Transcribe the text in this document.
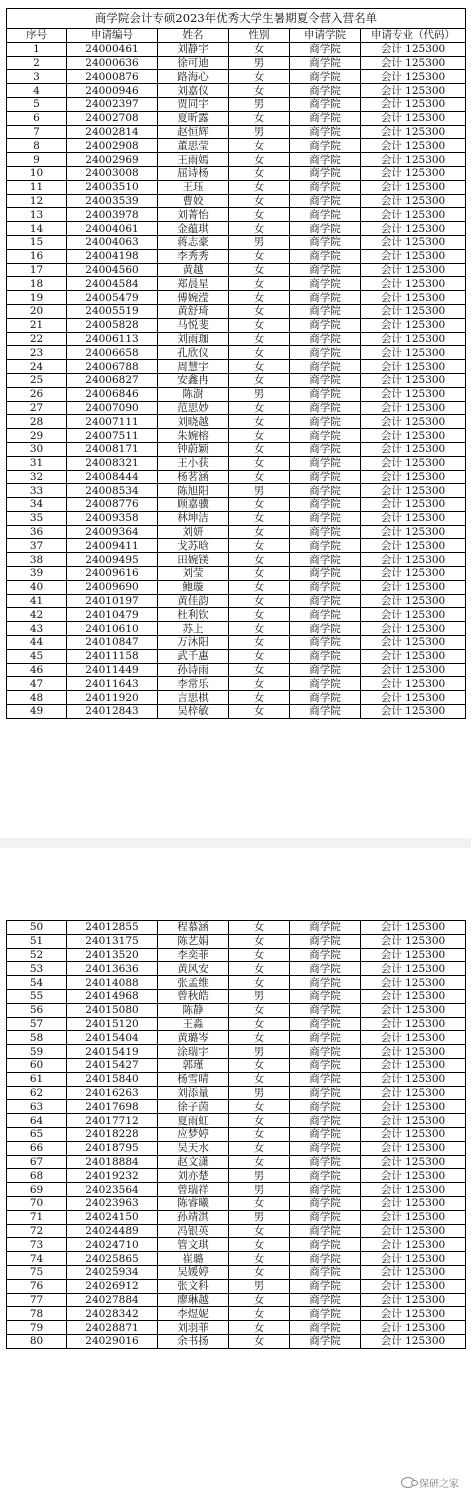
商学院会计专硕2023年优秀大学生暑期夏令营入营名单					
序号	申请编号	姓名	性别	申请学院	申请专业（代码）
1	24000461	刘静宇	女	商学院	会计 125300
2	24000636	徐可迪	男	商学院	会计 125300
3	24000876	路海心	女	商学院	会计 125300
4	24000946	刘嘉仪	女	商学院	会计 125300
5	24002397	贾同宇	男	商学院	会计 125300
6	24002708	夏昕露	女	商学院	会计 125300
7	24002814	赵恒辉	男	商学院	会计 125300
8	24002908	董思莹	女	商学院	会计 125300
9	24002969	王雨嫣	女	商学院	会计 125300
10	24003008	屈诗杨	女	商学院	会计 125300
11	24003510	王珏	女	商学院	会计 125300
12	24003539	曹姣	女	商学院	会计 125300
13	24003978	刘菁怡	女	商学院	会计 125300
14	24004061	金蕴琪	女	商学院	会计 125300
15	24004063	蒋志豪	男	商学院	会计 125300
16	24004198	李秀秀	女	商学院	会计 125300
17	24004560	黄越	女	商学院	会计 125300
18	24004584	郑晨星	女	商学院	会计 125300
19	24005479	傅婉滢	女	商学院	会计 125300
20	24005519	黄舒琦	女	商学院	会计 125300
21	24005828	马悦斐	女	商学院	会计 125300
22	24006113	刘雨珈	女	商学院	会计 125300
23	24006658	孔欣仪	女	商学院	会计 125300
24	24006788	周慧宇	女	商学院	会计 125300
25	24006827	安鑫冉	女	商学院	会计 125300
26	24006846	陈澍	男	商学院	会计 125300
27	24007090	范思妙	女	商学院	会计 125300
28	24007111	刘晓越	女	商学院	会计 125300
29	24007511	朱婉榕	女	商学院	会计 125300
30	24008171	钟蔚颖	女	商学院	会计 125300
31	24008321	王小获	女	商学院	会计 125300
32	24008444	杨茗涵	女	商学院	会计 125300
33	24008534	陈旭阳	男	商学院	会计 125300
34	24008776	顾嘉骥	女	商学院	会计 125300
35	24009358	林坤洁	女	商学院	会计 125300
36	24009364	刘妍	女	商学院	会计 125300
37	24009411	戈苏晗	女	商学院	会计 125300
38	24009495	田婉镁	女	商学院	会计 125300
39	24009616	刘莹	女	商学院	会计 125300
40	24009690	鲍璇	女	商学院	会计 125300
41	24010197	黄佳韵	女	商学院	会计 125300
42	24010479	杜利钦	女	商学院	会计 125300
43	24010610	苏上	女	商学院	会计 125300
44	24010847	万沐阳	女	商学院	会计 125300
45	24011158	武千惠	女	商学院	会计 125300
46	24011449	孙诗雨	女	商学院	会计 125300
47	24011643	李常乐	女	商学院	会计 125300
48	24011920	言思棋	女	商学院	会计 125300
49	24012843	吴梓敏	女	商学院	会计 125300
50	24012855	程慕涵	女	商学院	会计 125300
51	24013175	陈艺娟	女	商学院	会计 125300
52	24013520	李奕菲	女	商学院	会计 125300
53	24013636	黄风安	女	商学院	会计 125300
54	24014088	张孟维	女	商学院	会计 125300
55	24014968	曾秋皓	男	商学院	会计 125300
56	24015080	陈静	女	商学院	会计 125300
57	24015120	王淼	女	商学院	会计 125300
58	24015404	黄璐岑	女	商学院	会计 125300
59	24015419	涂瑞宇	男	商学院	会计 125300
60	24015427	郭瑾	女	商学院	会计 125300
61	24015840	杨雪晴	女	商学院	会计 125300
62	24016263	刘添量	男	商学院	会计 125300
63	24017698	徐子茵	女	商学院	会计 125300
64	24017712	夏雨虹	女	商学院	会计 125300
65	24018228	应梦婷	女	商学院	会计 125300
66	24018795	吴天水	女	商学院	会计 125300
67	24018884	赵文潇	女	商学院	会计 125300
68	24019232	刘亦楚	男	商学院	会计 125300
69	24023564	曾瑞祥	男	商学院	会计 125300
70	24023963	陈睿曦	女	商学院	会计 125300
71	24024150	孙靖淇	男	商学院	会计 125300
72	24024489	冯银英	女	商学院	会计 125300
73	24024710	管文琪	女	商学院	会计 125300
74	24025865	崔璐	女	商学院	会计 125300
75	24025934	吴媛婷	女	商学院	会计 125300
76	24026912	张文科	男	商学院	会计 125300
77	24027884	廖琳越	女	商学院	会计 125300
78	24028342	李煜妮	女	商学院	会计 125300
79	24028871	刘羽菲	女	商学院	会计 125300
80	24029016	余书扬	女	商学院	会计 125300
保研之家
